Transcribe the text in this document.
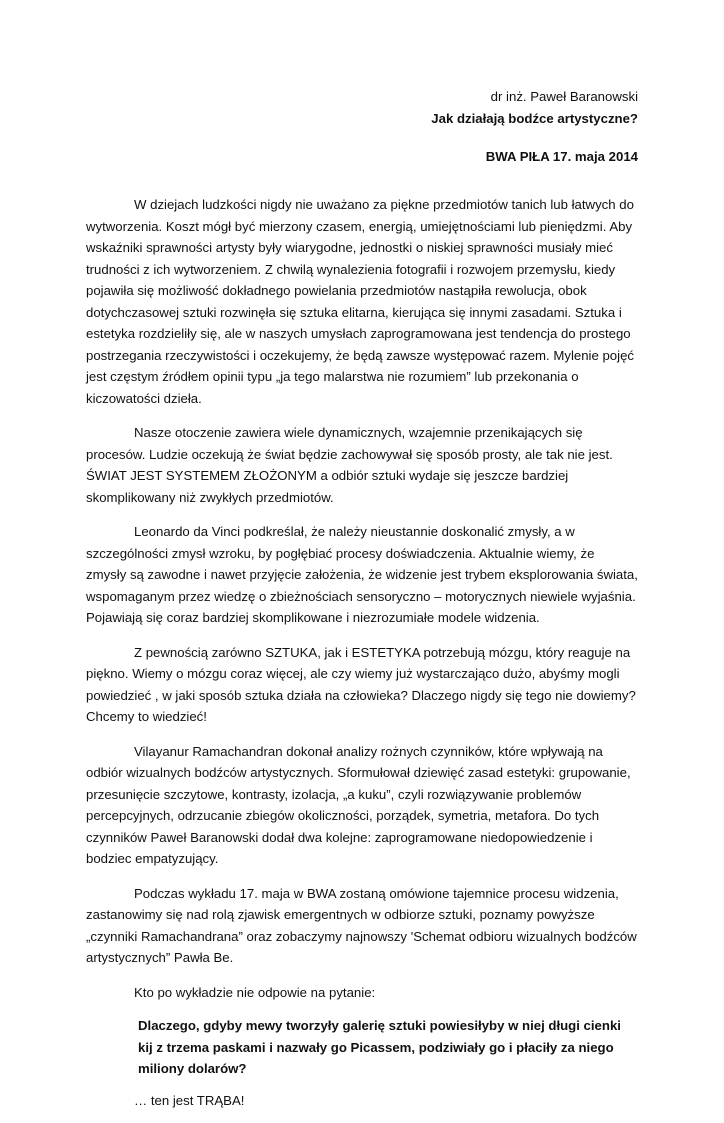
dr inż. Paweł Baranowski
Jak działają bodźce artystyczne?
BWA PIŁA 17. maja 2014

W dziejach ludzkości nigdy nie uważano za piękne przedmiotów tanich lub łatwych do wytworzenia. Koszt mógł być mierzony czasem, energią, umiejętnościami lub pieniędzmi. Aby wskaźniki sprawności artysty były wiarygodne, jednostki o niskiej sprawności musiały mieć trudności z ich wytworzeniem. Z chwilą wynalezienia fotografii i rozwojem przemysłu, kiedy pojawiła się możliwość dokładnego powielania przedmiotów nastąpiła rewolucja, obok dotychczasowej sztuki rozwinęła się sztuka elitarna, kierująca się innymi zasadami. Sztuka i estetyka rozdzieliły się, ale w naszych umysłach zaprogramowana jest tendencja do prostego postrzegania rzeczywistości i oczekujemy, że będą zawsze występować razem. Mylenie pojęć jest częstym źródłem opinii typu „ja tego malarstwa nie rozumiem” lub przekonania o kiczowatości dzieła.

Nasze otoczenie zawiera wiele dynamicznych, wzajemnie przenikających się procesów. Ludzie oczekują że świat będzie zachowywał się sposób prosty, ale tak nie jest. ŚWIAT JEST SYSTEMEM ZŁOŻONYM a odbiór sztuki wydaje się jeszcze bardziej skomplikowany niż zwykłych przedmiotów.

Leonardo da Vinci podkreślał, że należy nieustannie doskonalić zmysły, a w szczególności zmysł wzroku, by pogłębiać procesy doświadczenia. Aktualnie wiemy, że zmysły są zawodne i nawet przyjęcie założenia, że widzenie jest trybem eksplorowania świata, wspomaganym przez wiedzę o zbieżnościach sensoryczno – motorycznych niewiele wyjaśnia. Pojawiają się coraz bardziej skomplikowane i niezrozumiałe modele widzenia.

Z pewnością zarówno SZTUKA, jak i ESTETYKA potrzebują mózgu, który reaguje na piękno. Wiemy o mózgu coraz więcej, ale czy wiemy już wystarczająco dużo, abyśmy mogli powiedzieć , w jaki sposób sztuka działa na człowieka? Dlaczego nigdy się tego nie dowiemy? Chcemy to wiedzieć!

Vilayanur Ramachandran dokonał analizy rożnych czynników, które wpływają na odbiór wizualnych bodźców artystycznych. Sformułował dziewięć zasad estetyki: grupowanie, przesunięcie szczytowe, kontrasty, izolacja, „a kuku”, czyli rozwiązywanie problemów percepcyjnych, odrzucanie zbiegów okoliczności, porządek, symetria, metafora. Do tych czynników Paweł Baranowski dodał dwa kolejne: zaprogramowane niedopowiedzenie i bodziec empatyzujący.

Podczas wykładu 17. maja w BWA zostaną omówione tajemnice procesu widzenia, zastanowimy się nad rolą zjawisk emergentnych w odbiorze sztuki, poznamy powyższe „czynniki Ramachandrana” oraz zobaczymy najnowszy 'Schemat odbioru wizualnych bodźców artystycznych” Pawła Be.

Kto po wykładzie nie odpowie na pytanie:

Dlaczego, gdyby mewy tworzyły galerię sztuki powiesiłyby w niej długi cienki kij z trzema paskami i nazwały go Picassem, podziwiały go i płaciły za niego miliony dolarów?

… ten jest TRĄBA!
